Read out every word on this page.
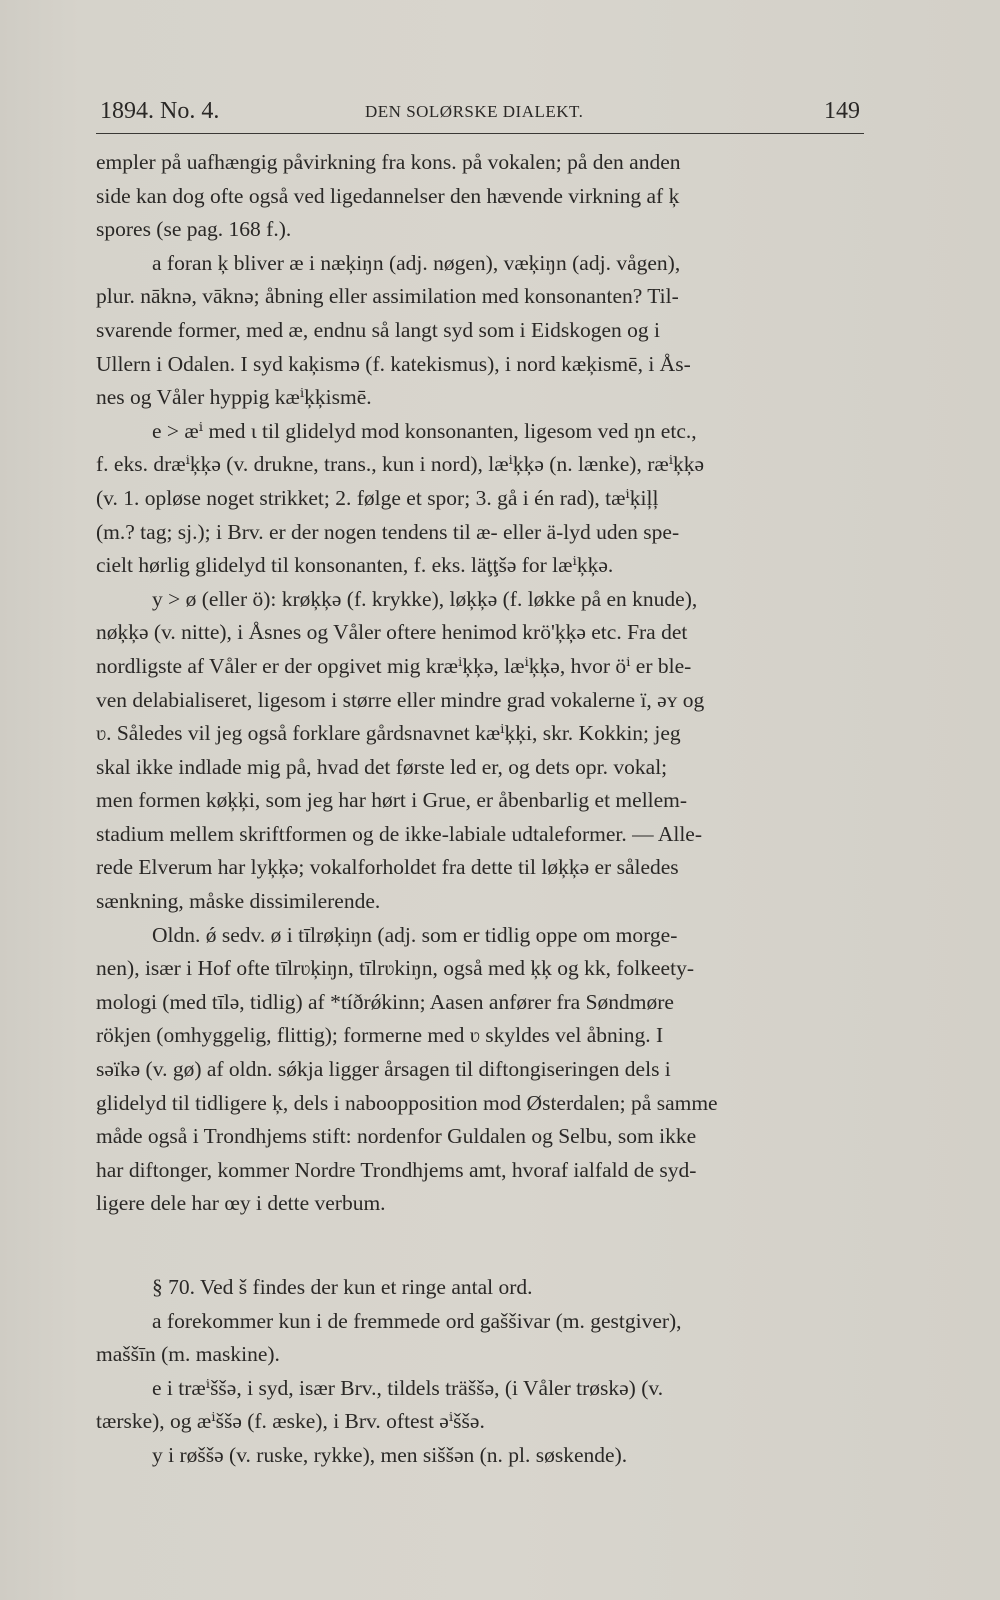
1894. No. 4.	DEN SOLØRSKE DIALEKT.	149
empler på uafhængig påvirkning fra kons. på vokalen; på den anden
side kan dog ofte også ved ligedannelser den hævende virkning af ķ
spores (se pag. 168 f.).
a foran ķ bliver æ i næķiŋn (adj. nøgen), væķiŋn (adj. vågen),
plur. nāknə, vāknə; åbning eller assimilation med konsonanten? Til-
svarende former, med æ, endnu så langt syd som i Eidskogen og i
Ullern i Odalen. I syd kaķismə (f. katekismus), i nord kæķismē, i Ås-
nes og Våler hyppig kæⁱķķismē.
e > æⁱ med ɩ til glidelyd mod konsonanten, ligesom ved ŋn etc.,
f. eks. dræⁱķķə (v. drukne, trans., kun i nord), læⁱķķə (n. lænke), ræⁱķķə
(v. 1. opløse noget strikket; 2. følge et spor; 3. gå i én rad), tæⁱķiļļ
(m.? tag; sj.); i Brv. er der nogen tendens til æ- eller ä-lyd uden spe-
cielt hørlig glidelyd til konsonanten, f. eks. läţţšə for læⁱķķə.
y > ø (eller ö): krøķķə (f. krykke), løķķə (f. løkke på en knude),
nøķķə (v. nitte), i Åsnes og Våler oftere henimod krö'ķķə etc. Fra det
nordligste af Våler er der opgivet mig kræⁱķķə, læⁱķķə, hvor öⁱ er ble-
ven delabialiseret, ligesom i større eller mindre grad vokalerne ï, əʏ og
ʋ. Således vil jeg også forklare gårdsnavnet kæⁱķķi, skr. Kokkin; jeg
skal ikke indlade mig på, hvad det første led er, og dets opr. vokal;
men formen køķķi, som jeg har hørt i Grue, er åbenbarlig et mellem-
stadium mellem skriftformen og de ikke-labiale udtaleformer. — Alle-
rede Elverum har lyķķə; vokalforholdet fra dette til løķķə er således
sænkning, måske dissimilerende.
Oldn. ǿ sedv. ø i tīlrøķiŋn (adj. som er tidlig oppe om morge-
nen), især i Hof ofte tīlrʋķiŋn, tīlrʋkiŋn, også med ķķ og kk, folkeety-
mologi (med tīlə, tidlig) af *tíðrǿkinn; Aasen anfører fra Søndmøre
rökjen (omhyggelig, flittig); formerne med ʋ skyldes vel åbning. I
səïkə (v. gø) af oldn. sǿkja ligger årsagen til diftongiseringen dels i
glidelyd til tidligere ķ, dels i naboopposition mod Østerdalen; på samme
måde også i Trondhjems stift: nordenfor Guldalen og Selbu, som ikke
har diftonger, kommer Nordre Trondhjems amt, hvoraf ialfald de syd-
ligere dele har œy i dette verbum.
§ 70. Ved š findes der kun et ringe antal ord.
a forekommer kun i de fremmede ord gaššivar (m. gestgiver),
maššīn (m. maskine).
e i træⁱššə, i syd, især Brv., tildels träššə, (i Våler trøskə) (v.
tærske), og æⁱššə (f. æske), i Brv. oftest əⁱššə.
y i røššə (v. ruske, rykke), men siššən (n. pl. søskende).
